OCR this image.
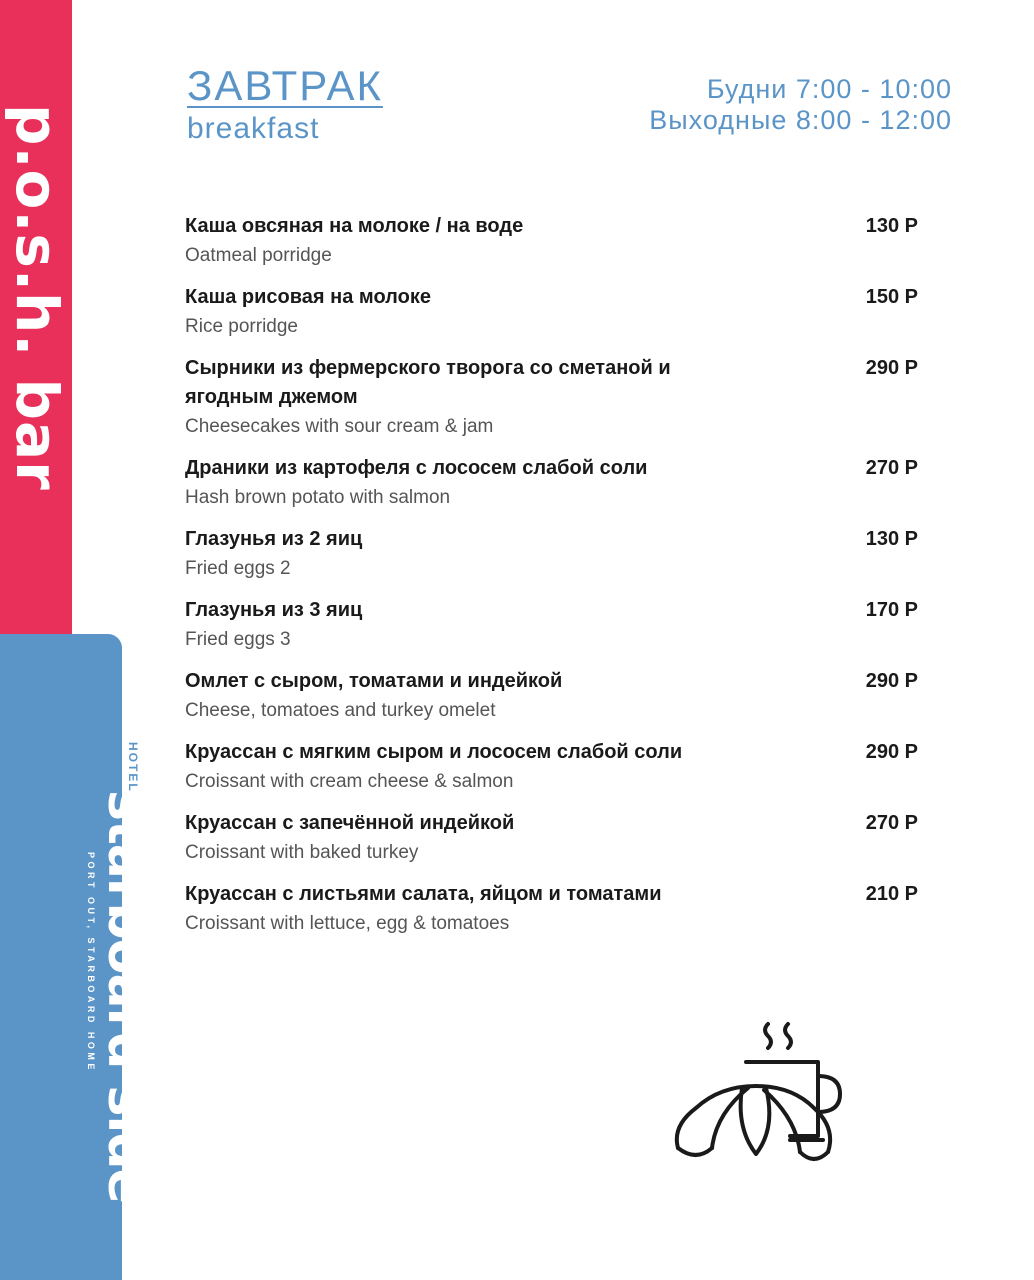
p.o.s.h. bar
HOTEL
starboard side
PORT OUT, STARBOARD HOME
ЗАВТРАК
breakfast
Будни 7:00 - 10:00
Выходные 8:00 - 12:00
Каша овсяная на молоке / на воде
Oatmeal porridge
130 Р
Каша рисовая на молоке
Rice porridge
150 Р
Сырники из фермерского творога со сметаной и ягодным джемом
Cheesecakes with sour cream & jam
290 Р
Драники из картофеля с лососем слабой соли
Hash brown potato with salmon
270 Р
Глазунья из 2 яиц
Fried eggs 2
130 Р
Глазунья из 3 яиц
Fried eggs 3
170 Р
Омлет с сыром, томатами и индейкой
Cheese, tomatoes and turkey omelet
290 Р
Круассан с мягким сыром и лососем слабой соли
Croissant with cream cheese & salmon
290 Р
Круассан с запечённой индейкой
Croissant with baked turkey
270 Р
Круассан с листьями салата, яйцом и томатами
Croissant with lettuce, egg & tomatoes
210 Р
